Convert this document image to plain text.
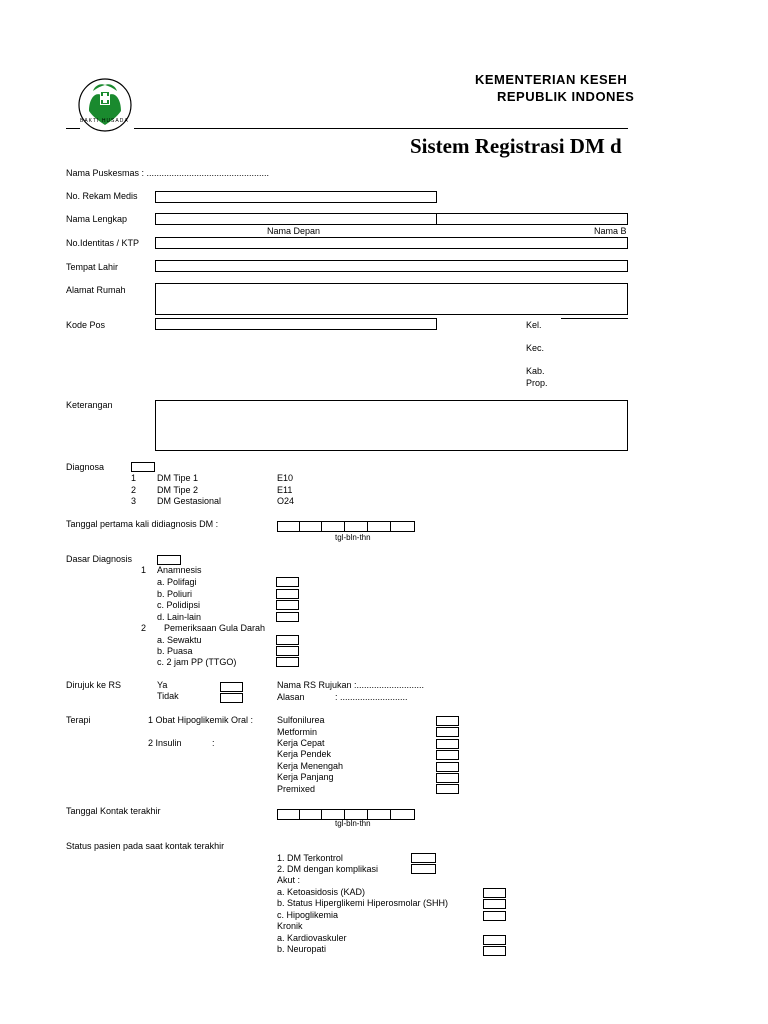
BAKTI HUSADA
KEMENTERIAN KESEH
REPUBLIK INDONES
Sistem Registrasi DM d
Nama Puskesmas : .................................................
No. Rekam Medis
Nama Lengkap
Nama Depan	Nama B
No.Identitas / KTP
Tempat Lahir
Alamat Rumah
Kode Pos	Kel.
Kec.
Kab.
Prop.
Keterangan
Diagnosa
1 DM Tipe 1	E10
2 DM Tipe 2	E11
3 DM Gestasional	O24
Tanggal pertama kali didiagnosis DM :
tgl-bln-thn
Dasar Diagnosis
1 Anamnesis
a. Polifagi
b. Poliuri
c. Polidipsi
d. Lain-lain
2 Pemeriksaan Gula Darah
a. Sewaktu
b. Puasa
c. 2 jam PP (TTGO)
Dirujuk ke RS	Ya
Tidak
Nama RS Rujukan :...........................
Alasan	: ...........................
Terapi	1 Obat Hipoglikemik Oral :	Sulfonilurea
Metformin
2 Insulin	:	Kerja Cepat
Kerja Pendek
Kerja Menengah
Kerja Panjang
Premixed
Tanggal Kontak terakhir
tgl-bln-thn
Status pasien pada saat kontak terakhir
1. DM Terkontrol
2. DM dengan komplikasi
Akut :
a. Ketoasidosis (KAD)
b. Status Hiperglikemi Hiperosmolar (SHH)
c. Hipoglikemia
Kronik
a. Kardiovaskuler
b. Neuropati
